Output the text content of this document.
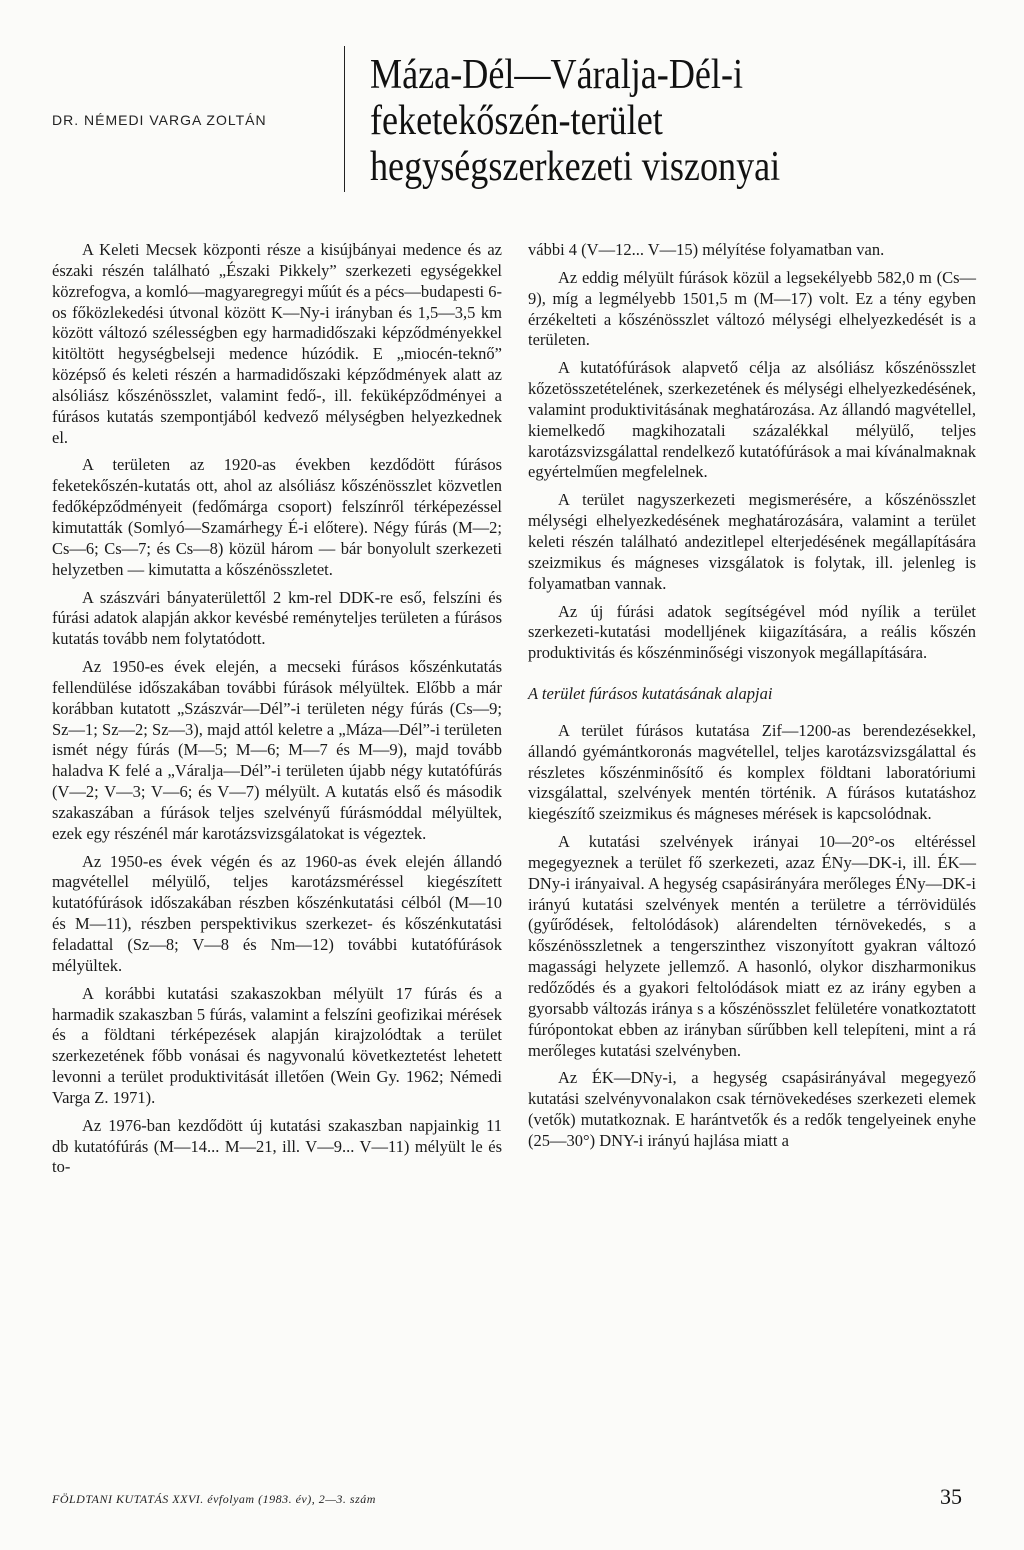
DR. NÉMEDI VARGA ZOLTÁN
Máza-Dél—Váralja-Dél-i
feketekőszén-terület
hegységszerkezeti viszonyai

A Keleti Mecsek központi része a kisújbányai medence és az északi részén található „Északi Pikkely” szerkezeti egységekkel közrefogva, a komló—magyaregregyi műút és a pécs—budapesti 6-os főközlekedési útvonal között K—Ny-i irányban és 1,5—3,5 km között változó szélességben egy harmadidőszaki képződményekkel kitöltött hegységbelseji medence húzódik. E „miocén-teknő” középső és keleti részén a harmadidőszaki képződmények alatt az alsóliász kőszénösszlet, valamint fedő-, ill. feküképződményei a fúrásos kutatás szempontjából kedvező mélységben helyezkednek el.

A területen az 1920-as években kezdődött fúrásos feketekőszén-kutatás ott, ahol az alsóliász kőszénösszlet közvetlen fedőképződményeit (fedőmárga csoport) felszínről térképezéssel kimutatták (Somlyó—Szamárhegy É-i előtere). Négy fúrás (M—2; Cs—6; Cs—7; és Cs—8) közül három — bár bonyolult szerkezeti helyzetben — kimutatta a kőszénösszletet.

A szászvári bányaterülettől 2 km-rel DDK-re eső, felszíni és fúrási adatok alapján akkor kevésbé reményteljes területen a fúrásos kutatás tovább nem folytatódott.

Az 1950-es évek elején, a mecseki fúrásos kőszénkutatás fellendülése időszakában további fúrások mélyültek. Előbb a már korábban kutatott „Szászvár—Dél”-i területen négy fúrás (Cs—9; Sz—1; Sz—2; Sz—3), majd attól keletre a „Máza—Dél”-i területen ismét négy fúrás (M—5; M—6; M—7 és M—9), majd tovább haladva K felé a „Váralja—Dél”-i területen újabb négy kutatófúrás (V—2; V—3; V—6; és V—7) mélyült. A kutatás első és második szakaszában a fúrások teljes szelvényű fúrásmóddal mélyültek, ezek egy részénél már karotázsvizsgálatokat is végeztek.

Az 1950-es évek végén és az 1960-as évek elején állandó magvétellel mélyülő, teljes karotázsméréssel kiegészített kutatófúrások időszakában részben kőszénkutatási célból (M—10 és M—11), részben perspektivikus szerkezet- és kőszénkutatási feladattal (Sz—8; V—8 és Nm—12) további kutatófúrások mélyültek.

A korábbi kutatási szakaszokban mélyült 17 fúrás és a harmadik szakaszban 5 fúrás, valamint a felszíni geofizikai mérések és a földtani térképezések alapján kirajzolódtak a terület szerkezetének főbb vonásai és nagyvonalú következtetést lehetett levonni a terület produktivitását illetően (Wein Gy. 1962; Némedi Varga Z. 1971).

Az 1976-ban kezdődött új kutatási szakaszban napjainkig 11 db kutatófúrás (M—14... M—21, ill. V—9... V—11) mélyült le és to-

vábbi 4 (V—12... V—15) mélyítése folyamatban van.

Az eddig mélyült fúrások közül a legsekélyebb 582,0 m (Cs—9), míg a legmélyebb 1501,5 m (M—17) volt. Ez a tény egyben érzékelteti a kőszénösszlet változó mélységi elhelyezkedését is a területen.

A kutatófúrások alapvető célja az alsóliász kőszénösszlet kőzetösszetételének, szerkezetének és mélységi elhelyezkedésének, valamint produktivitásának meghatározása. Az állandó magvétellel, kiemelkedő magkihozatali százalékkal mélyülő, teljes karotázsvizsgálattal rendelkező kutatófúrások a mai kívánalmaknak egyértelműen megfelelnek.

A terület nagyszerkezeti megismerésére, a kőszénösszlet mélységi elhelyezkedésének meghatározására, valamint a terület keleti részén található andezitlepel elterjedésének megállapítására szeizmikus és mágneses vizsgálatok is folytak, ill. jelenleg is folyamatban vannak.

Az új fúrási adatok segítségével mód nyílik a terület szerkezeti-kutatási modelljének kiigazítására, a reális kőszén produktivitás és kőszénminőségi viszonyok megállapítására.

A terület fúrásos kutatásának alapjai

A terület fúrásos kutatása Zif—1200-as berendezésekkel, állandó gyémántkoronás magvétellel, teljes karotázsvizsgálattal és részletes kőszénminősítő és komplex földtani laboratóriumi vizsgálattal, szelvények mentén történik. A fúrásos kutatáshoz kiegészítő szeizmikus és mágneses mérések is kapcsolódnak.

A kutatási szelvények irányai 10—20°-os eltéréssel megegyeznek a terület fő szerkezeti, azaz ÉNy—DK-i, ill. ÉK—DNy-i irányaival. A hegység csapásirányára merőleges ÉNy—DK-i irányú kutatási szelvények mentén a területre a térrövidülés (gyűrődések, feltolódások) alárendelten térnövekedés, s a kőszénösszletnek a tengerszinthez viszonyított gyakran változó magassági helyzete jellemző. A hasonló, olykor diszharmonikus redőződés és a gyakori feltolódások miatt ez az irány egyben a gyorsabb változás iránya s a kőszénösszlet felületére vonatkoztatott fúrópontokat ebben az irányban sűrűbben kell telepíteni, mint a rá merőleges kutatási szelvényben.

Az ÉK—DNy-i, a hegység csapásirányával megegyező kutatási szelvényvonalakon csak térnövekedéses szerkezeti elemek (vetők) mutatkoznak. E harántvetők és a redők tengelyeinek enyhe (25—30°) DNY-i irányú hajlása miatt a

FÖLDTANI KUTATÁS XXVI. évfolyam (1983. év), 2—3. szám	35
